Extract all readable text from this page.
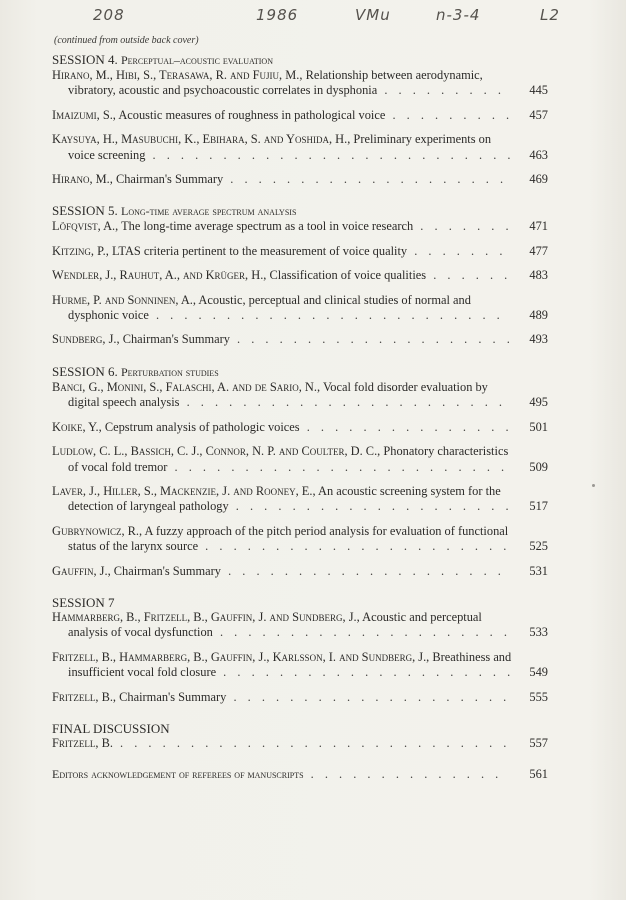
208	1986	VMu	n-3-4	L2
(continued from outside back cover)
SESSION 4. Perceptual–acoustic evaluation
Hirano, M., Hibi, S., Terasawa, R. and Fujiu, M., Relationship between aerodynamic, vibratory, acoustic and psychoacoustic correlates in dysphonia . . . . . . . . .	445
Imaizumi, S., Acoustic measures of roughness in pathological voice . . . . . . . . .	457
Kaysuya, H., Masubuchi, K., Ebihara, S. and Yoshida, H., Preliminary experiments on voice screening . . . . . . . . . . . . . . . . . . . . . . . . . .	463
Hirano, M., Chairman's Summary . . . . . . . . . . . . . . . . . . . .	469
SESSION 5. Long-time average spectrum analysis
Löfqvist, A., The long-time average spectrum as a tool in voice research . . . . . . .	471
Kitzing, P., LTAS criteria pertinent to the measurement of voice quality . . . . . . .	477
Wendler, J., Rauhut, A., and Krüger, H., Classification of voice qualities . . . . . .	483
Hurme, P. and Sonninen, A., Acoustic, perceptual and clinical studies of normal and dysphonic voice . . . . . . . . . . . . . . . . . . . . . . . . .	489
Sundberg, J., Chairman's Summary . . . . . . . . . . . . . . . . . . . .	493
SESSION 6. Perturbation studies
Banci, G., Monini, S., Falaschi, A. and de Sario, N., Vocal fold disorder evaluation by digital speech analysis . . . . . . . . . . . . . . . . . . . . . . .	495
Koike, Y., Cepstrum analysis of pathologic voices . . . . . . . . . . . . . . .	501
Ludlow, C. L., Bassich, C. J., Connor, N. P. and Coulter, D. C., Phonatory characteristics of vocal fold tremor . . . . . . . . . . . . . . . . . . . . . . . .	509
Laver, J., Hiller, S., Mackenzie, J. and Rooney, E., An acoustic screening system for the detection of laryngeal pathology . . . . . . . . . . . . . . . . . . . .	517
Gubrynowicz, R., A fuzzy approach of the pitch period analysis for evaluation of functional status of the larynx source . . . . . . . . . . . . . . . . . . . . . .	525
Gauffin, J., Chairman's Summary . . . . . . . . . . . . . . . . . . . .	531
SESSION 7
Hammarberg, B., Fritzell, B., Gauffin, J. and Sundberg, J., Acoustic and perceptual analysis of vocal dysfunction . . . . . . . . . . . . . . . . . . . . .	533
Fritzell, B., Hammarberg, B., Gauffin, J., Karlsson, I. and Sundberg, J., Breathiness and insufficient vocal fold closure . . . . . . . . . . . . . . . . . . . . .	549
Fritzell, B., Chairman's Summary . . . . . . . . . . . . . . . . . . . .	555
FINAL DISCUSSION
Fritzell, B. . . . . . . . . . . . . . . . . . . . . . . . . . . . .	557
Editors acknowledgement of referees of manuscripts . . . . . . . . . . . . . .	561
